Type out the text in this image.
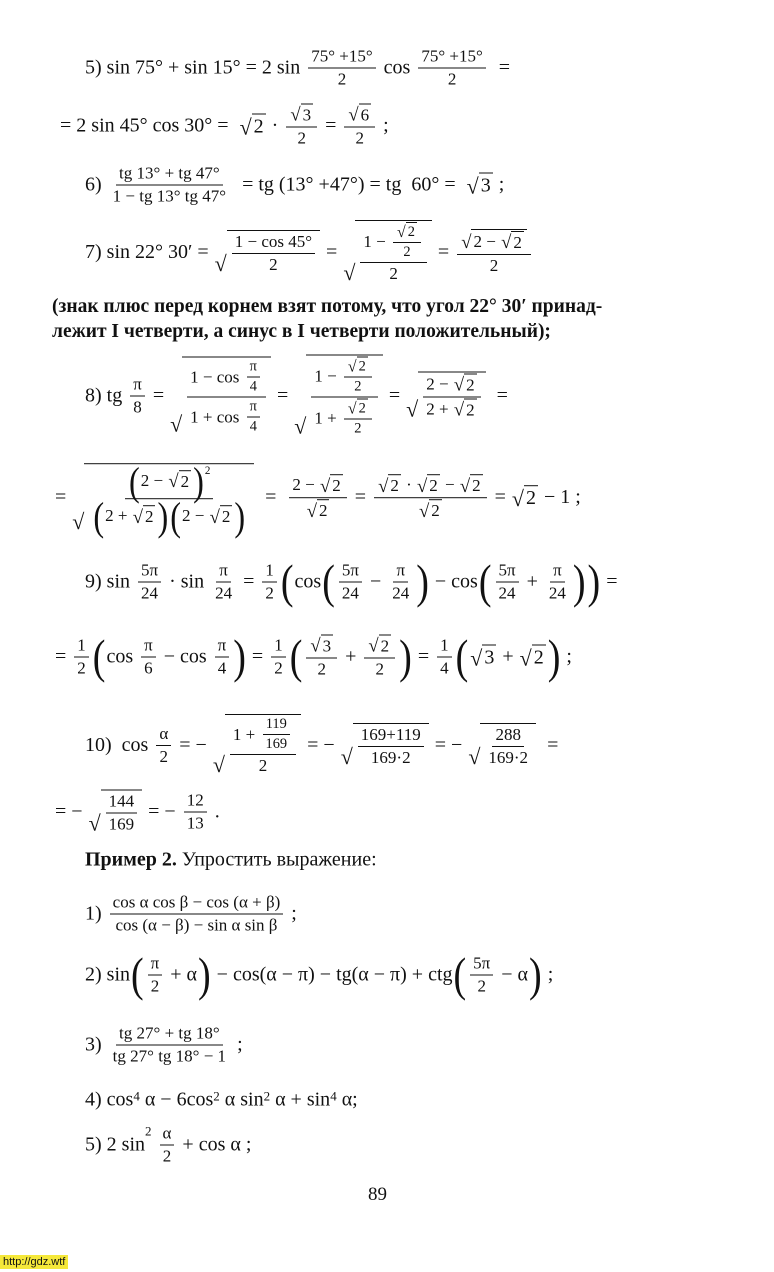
5) sin 75° + sin 15° = 2 $\sin \frac{75^\circ +15^\circ}{2}$ $\cos \frac{75^\circ +15^\circ}{2}$ =
= 2 sin 45° cos 30° = √ $2 \cdot \frac{√ 3}{2} = \frac{√ 6}{2}$ ;
$6) \frac{tg 13^\circ + tg 47^\circ}{1 - tg 13^\circ tg 47^\circ}$ = tg (13° +47°) = tg  60° = √ 3 ;
7) sin 22° 30′ = √ $\frac{1 - \cos 45^\circ}{2}$ =
√ $\frac{1 - \frac{√ 2}{2}}{2} = \frac{√ 2 - √ 2}{2}$
(знак плюс перед корнем взят потому, что угол 22° 30′ принад-
лежит I четверти, а синус в I четверти положительный);
8) tg $\frac{\pi}{8}$ =
√ $\frac{1 - \cos \frac{\pi}{4}}{1 + \cos \frac{\pi}{4}}$ =
√ $\frac{1 - \frac{√ 2}{2}}{1 + \frac{√ 2}{2}}$ =
√ $\frac{2 - √ 2}{2 + √ 2}$ =
=
√ $\frac{( 2 - √ 2 )^2}{( 2 + √ 2 ) ( 2 - √ 2 )} = \frac{2 - √ 2}{√ 2} = \frac{√ 2 \cdot √ 2 - √ 2}{√ 2}$ = √ 2 − 1 ;
9) $\sin \frac{5\pi}{24} \cdot \sin \frac{\pi}{24} = \frac{1}{2}$ ( cos ( $\frac{5\pi}{24} - \frac{\pi}{24}$ ) − cos ( $\frac{5\pi}{24} + \frac{\pi}{24}$ ) ) =
= $\frac{1}{2}$ ( $\cos \frac{\pi}{6} - \cos \frac{\pi}{4}$ ) = $\frac{1}{2}$ ( $\frac{√ 3}{2} + \frac{√ 2}{2}$ ) = $\frac{1}{4}$ ( √ 3 + √ 2 ) ;
10)  $\cos \frac{\alpha}{2}$ = −
√ $\frac{1 + \frac{119}{169}}{2}$ = − √ $\frac{169+119}{169\cdot 2}$ = − √ $\frac{288}{169\cdot 2}$ =
= − √ $\frac{144}{169}$ = − $\frac{12}{13}$ .
Пример 2. Упростить выражение:
$1) \frac{\text{cos α cos β − cos (α + β)}}{\text{cos (α − β) − sin α sin β}}$ ;
2) sin ( $\frac{\pi}{2} + \alpha$ ) − cos(α − π) − tg(α − π) + ctg ( $\frac{5\pi}{2} - \alpha$ ) ;
$3) \frac{tg 27^\circ + tg 18^\circ}{tg 27^\circ tg 18^\circ - 1}$ ;
4) cos 4 α − 6cos 2 α sin 2 α + sin 4 α;
5) 2 sin
$^2$
$\frac{\alpha}{2} + \cos \alpha$ ;
89
http://gdz.wtf
